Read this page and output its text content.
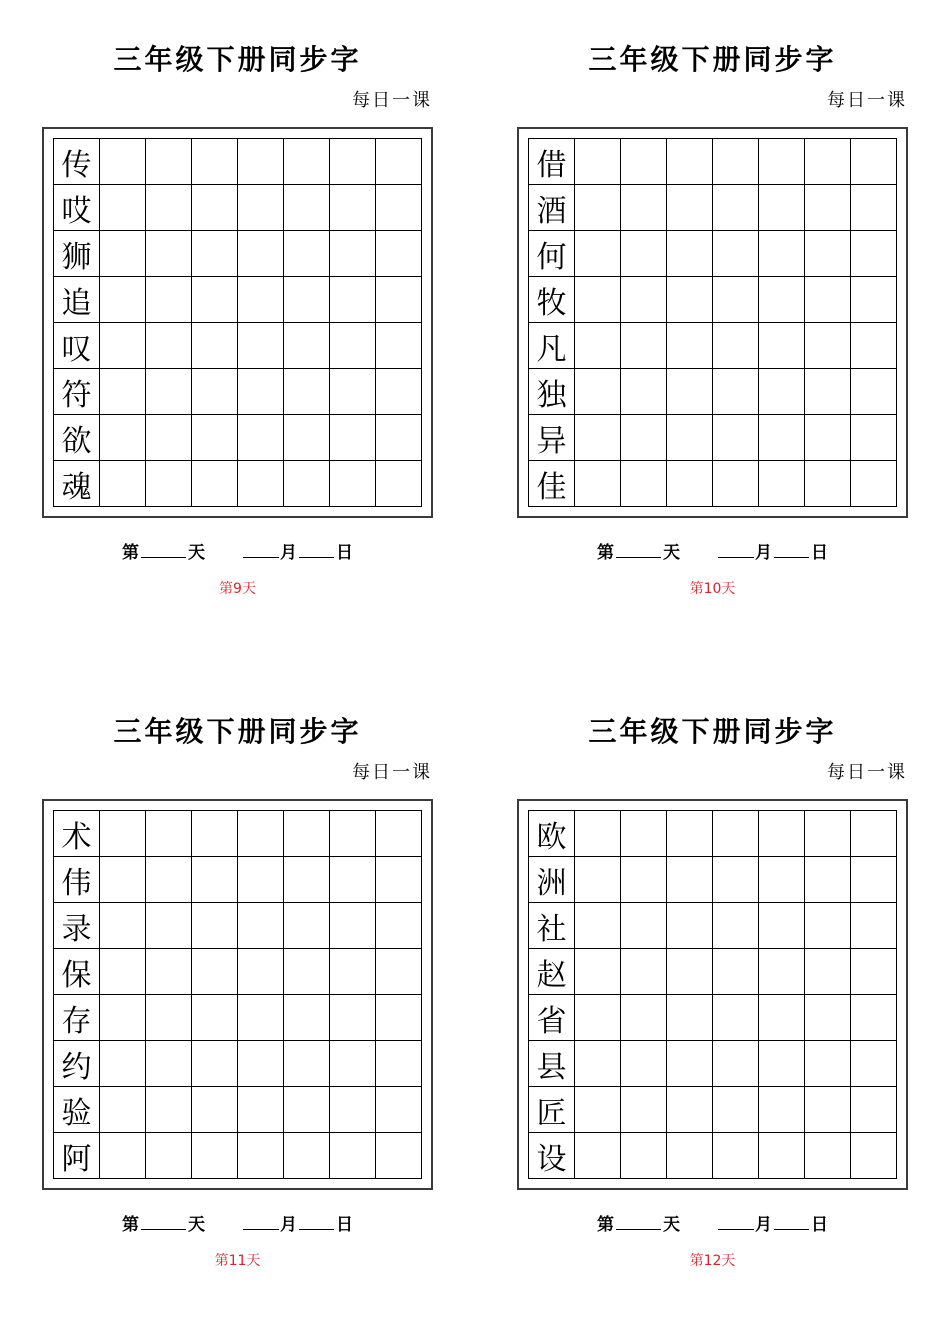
三年级下册同步字
每日一课
传
哎
狮
追
叹
符
欲
魂
第	天	月 日
第9天
三年级下册同步字
每日一课
借
酒
何
牧
凡
独
异
佳
第	天	月 日
第10天
三年级下册同步字
每日一课
术
伟
录
保
存
约
验
阿
第	天	月 日
第11天
三年级下册同步字
每日一课
欧
洲
社
赵
省
县
匠
设
第	天	月 日
第12天
